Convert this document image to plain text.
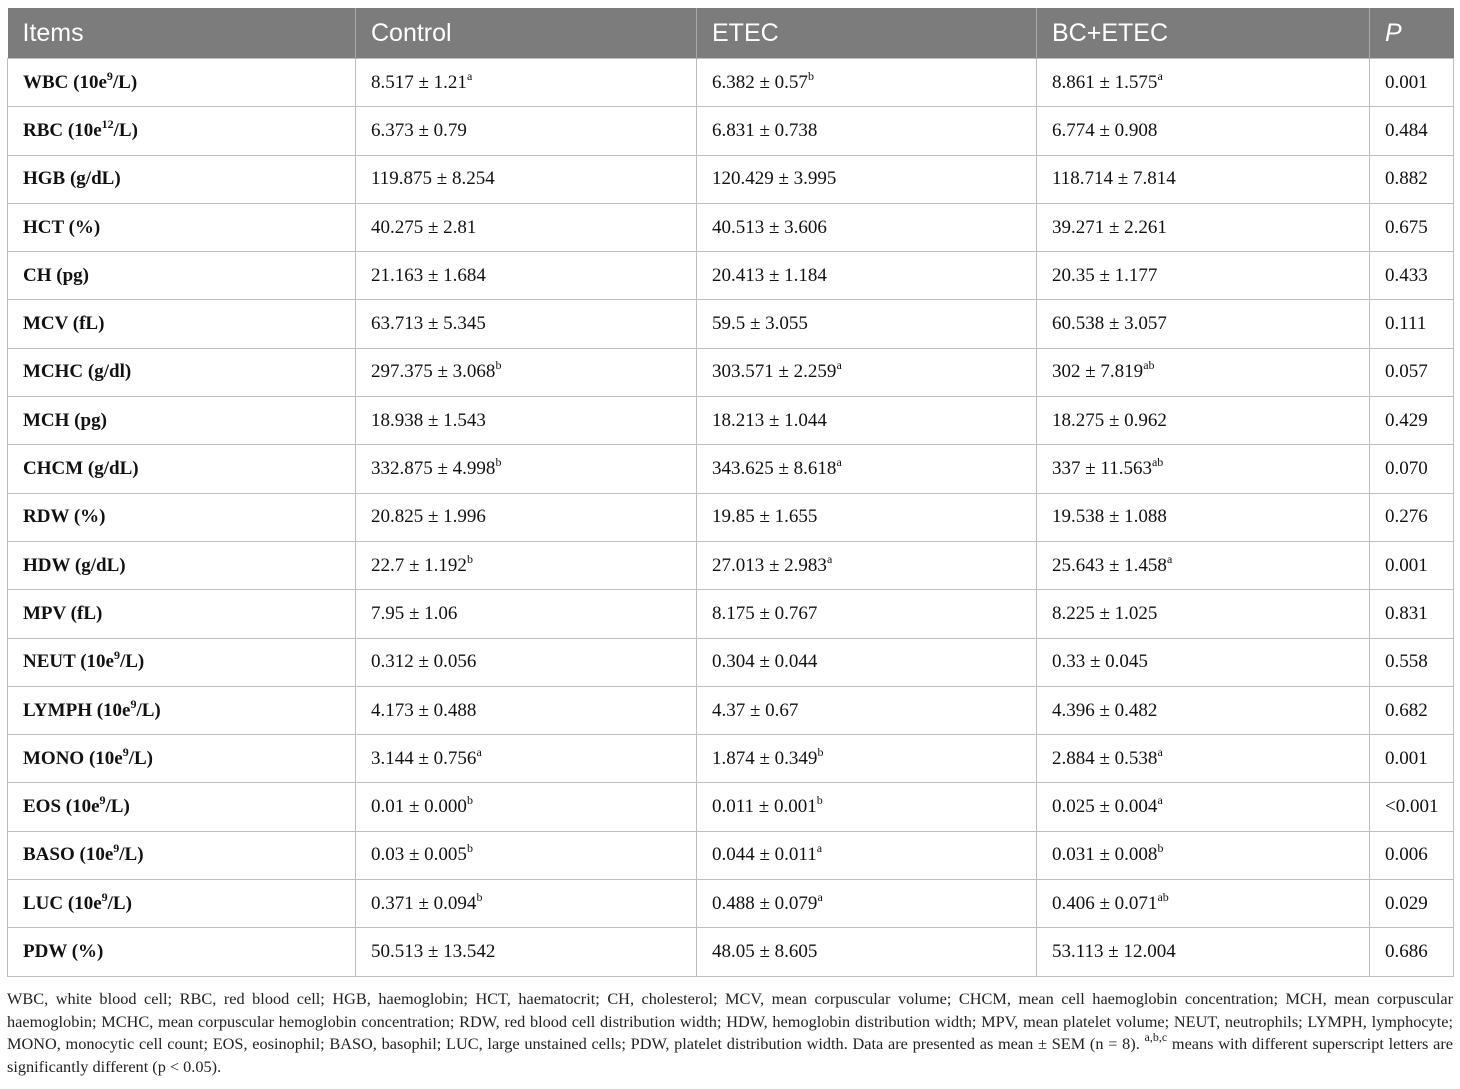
Items	Control	ETEC	BC+ETEC	P
WBC $(10e^9/L)$	8.517 ± 1.21$^a$	6.382 ± 0.57$^b$	8.861 ± 1.575$^a$	0.001
RBC $(10e^{12}/L)$	6.373 ± 0.79	6.831 ± 0.738	6.774 ± 0.908	0.484
HGB (g/dL)	119.875 ± 8.254	120.429 ± 3.995	118.714 ± 7.814	0.882
HCT (%)	40.275 ± 2.81	40.513 ± 3.606	39.271 ± 2.261	0.675
CH (pg)	21.163 ± 1.684	20.413 ± 1.184	20.35 ± 1.177	0.433
MCV (fL)	63.713 ± 5.345	59.5 ± 3.055	60.538 ± 3.057	0.111
MCHC (g/dl)	297.375 ± 3.068$^b$	303.571 ± 2.259$^a$	302 ± 7.819$^{ab}$	0.057
MCH (pg)	18.938 ± 1.543	18.213 ± 1.044	18.275 ± 0.962	0.429
CHCM (g/dL)	332.875 ± 4.998$^b$	343.625 ± 8.618$^a$	337 ± 11.563$^{ab}$	0.070
RDW (%)	20.825 ± 1.996	19.85 ± 1.655	19.538 ± 1.088	0.276
HDW (g/dL)	22.7 ± 1.192$^b$	27.013 ± 2.983$^a$	25.643 ± 1.458$^a$	0.001
MPV (fL)	7.95 ± 1.06	8.175 ± 0.767	8.225 ± 1.025	0.831
NEUT $(10e^9/L)$	0.312 ± 0.056	0.304 ± 0.044	0.33 ± 0.045	0.558
LYMPH $(10e^9/L)$	4.173 ± 0.488	4.37 ± 0.67	4.396 ± 0.482	0.682
MONO $(10e^9/L)$	3.144 ± 0.756$^a$	1.874 ± 0.349$^b$	2.884 ± 0.538$^a$	0.001
EOS $(10e^9/L)$	0.01 ± 0.000$^b$	0.011 ± 0.001$^b$	0.025 ± 0.004$^a$	<0.001
BASO $(10e^9/L)$	0.03 ± 0.005$^b$	0.044 ± 0.011$^a$	0.031 ± 0.008$^b$	0.006
LUC $(10e^9/L)$	0.371 ± 0.094$^b$	0.488 ± 0.079$^a$	0.406 ± 0.071$^{ab}$	0.029
PDW (%)	50.513 ± 13.542	48.05 ± 8.605	53.113 ± 12.004	0.686

WBC, white blood cell; RBC, red blood cell; HGB, haemoglobin; HCT, haematocrit; CH, cholesterol; MCV, mean corpuscular volume; CHCM, mean cell haemoglobin concentration; MCH, mean corpuscular haemoglobin; MCHC, mean corpuscular hemoglobin concentration; RDW, red blood cell distribution width; HDW, hemoglobin distribution width; MPV, mean platelet volume; NEUT, neutrophils; LYMPH, lymphocyte; MONO, monocytic cell count; EOS, eosinophil; BASO, basophil; LUC, large unstained cells; PDW, platelet distribution width. Data are presented as mean ± SEM (n = 8). $^{a,b,c}$ means with different superscript letters are significantly different (p < 0.05).
